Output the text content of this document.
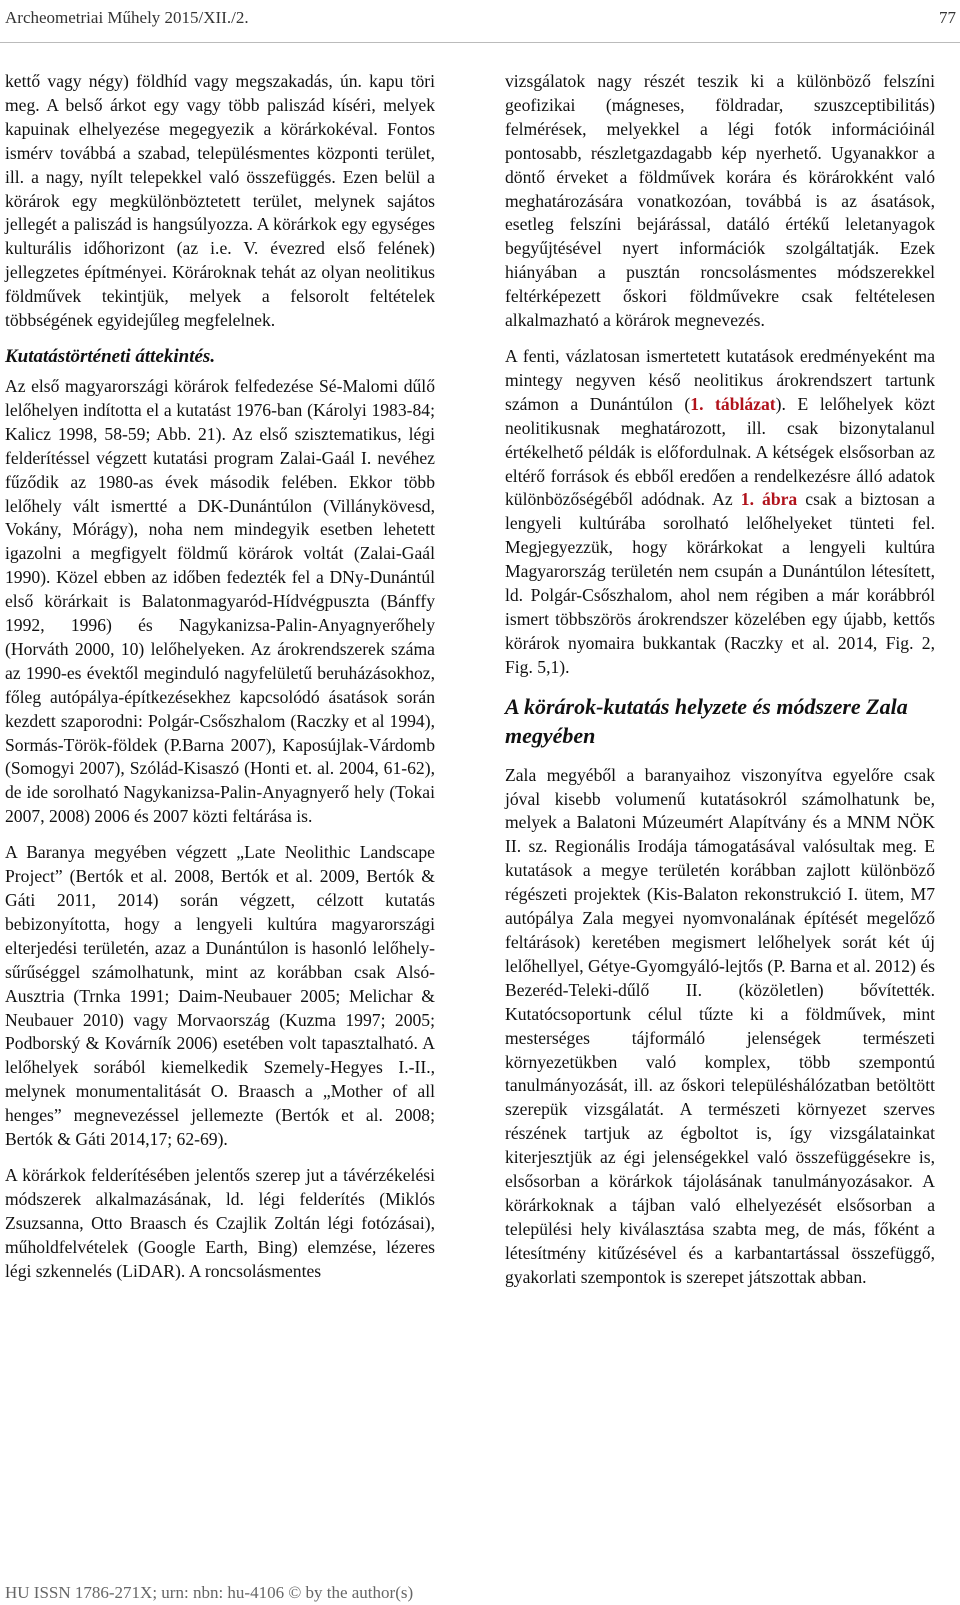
Archeometriai Műhely 2015/XII./2.	77

kettő vagy négy) földhíd vagy megszakadás, ún. kapu töri meg. A belső árkot egy vagy több paliszád kíséri, melyek kapuinak elhelyezése megegyezik a körárkokéval. Fontos ismérv továbbá a szabad, településmentes központi terület, ill. a nagy, nyílt telepekkel való összefüggés. Ezen belül a körárok egy megkülönböztetett terület, melynek sajátos jellegét a paliszád is hangsúlyozza. A körárkok egy egységes kulturális időhorizont (az i.e. V. évezred első felének) jellegzetes építményei. Körároknak tehát az olyan neolitikus földművek tekintjük, melyek a felsorolt feltételek többségének egyidejűleg megfelelnek.

Kutatástörténeti áttekintés.

Az első magyarországi körárok felfedezése Sé-Malomi dűlő lelőhelyen indította el a kutatást 1976-ban (Károlyi 1983-84; Kalicz 1998, 58-59; Abb. 21). Az első szisztematikus, légi felderítéssel végzett kutatási program Zalai-Gaál I. nevéhez fűződik az 1980-as évek második felében. Ekkor több lelőhely vált ismertté a DK-Dunántúlon (Villánykövesd, Vokány, Mórágy), noha nem mindegyik esetben lehetett igazolni a megfigyelt földmű körárok voltát (Zalai-Gaál 1990). Közel ebben az időben fedezték fel a DNy-Dunántúl első körárkait is Balatonmagyaród-Hídvégpuszta (Bánffy 1992, 1996) és Nagykanizsa-Palin-Anyagnyerőhely (Horváth 2000, 10) lelőhelyeken. Az árokrendszerek száma az 1990-es évektől meginduló nagyfelületű beruházásokhoz, főleg autópálya-építkezésekhez kapcsolódó ásatások során kezdett szaporodni: Polgár-Csőszhalom (Raczky et al 1994), Sormás-Török-földek (P.Barna 2007), Kaposújlak-Várdomb (Somogyi 2007), Szólád-Kisaszó (Honti et. al. 2004, 61-62), de ide sorolható Nagykanizsa-Palin-Anyagnyerő hely (Tokai 2007, 2008) 2006 és 2007 közti feltárása is.

A Baranya megyében végzett „Late Neolithic Landscape Project” (Bertók et al. 2008, Bertók et al. 2009, Bertók & Gáti 2011, 2014) során végzett, célzott kutatás bebizonyította, hogy a lengyeli kultúra magyarországi elterjedési területén, azaz a Dunántúlon is hasonló lelőhely-sűrűséggel számolhatunk, mint az korábban csak Alsó-Ausztria (Trnka 1991; Daim-Neubauer 2005; Melichar & Neubauer 2010) vagy Morvaország (Kuzma 1997; 2005; Podborský & Kovárník 2006) esetében volt tapasztalható. A lelőhelyek sorából kiemelkedik Szemely-Hegyes I.-II., melynek monumentalitását O. Braasch a „Mother of all henges” megnevezéssel jellemezte (Bertók et al. 2008; Bertók & Gáti 2014,17; 62-69).

A körárkok felderítésében jelentős szerep jut a távérzékelési módszerek alkalmazásának, ld. légi felderítés (Miklós Zsuzsanna, Otto Braasch és Czajlik Zoltán légi fotózásai), műholdfelvételek (Google Earth, Bing) elemzése, lézeres légi szkennelés (LiDAR). A roncsolásmentes

vizsgálatok nagy részét teszik ki a különböző felszíni geofizikai (mágneses, földradar, szuszceptibilitás) felmérések, melyekkel a légi fotók információinál pontosabb, részletgazdagabb kép nyerhető. Ugyanakkor a döntő érveket a földművek korára és körárokként való meghatározására vonatkozóan, továbbá is az ásatások, esetleg felszíni bejárással, datáló értékű leletanyagok begyűjtésével nyert információk szolgáltatják. Ezek hiányában a pusztán roncsolásmentes módszerekkel feltérképezett őskori földművekre csak feltételesen alkalmazható a körárok megnevezés.

A fenti, vázlatosan ismertetett kutatások eredményeként ma mintegy negyven késő neolitikus árokrendszert tartunk számon a Dunántúlon (1. táblázat). E lelőhelyek közt neolitikusnak meghatározott, ill. csak bizonytalanul értékelhető példák is előfordulnak. A kétségek elsősorban az eltérő források és ebből eredően a rendelkezésre álló adatok különbözőségéből adódnak. Az 1. ábra csak a biztosan a lengyeli kultúrába sorolható lelőhelyeket tünteti fel. Megjegyezzük, hogy körárkokat a lengyeli kultúra Magyarország területén nem csupán a Dunántúlon létesített, ld. Polgár-Csőszhalom, ahol nem régiben a már korábbról ismert többszörös árokrendszer közelében egy újabb, kettős körárok nyomaira bukkantak (Raczky et al. 2014, Fig. 2, Fig. 5,1).

A körárok-kutatás helyzete és módszere Zala megyében

Zala megyéből a baranyaihoz viszonyítva egyelőre csak jóval kisebb volumenű kutatásokról számolhatunk be, melyek a Balatoni Múzeumért Alapítvány és a MNM NÖK II. sz. Regionális Irodája támogatásával valósultak meg. E kutatások a megye területén korábban zajlott különböző régészeti projektek (Kis-Balaton rekonstrukció I. ütem, M7 autópálya Zala megyei nyomvonalának építését megelőző feltárások) keretében megismert lelőhelyek sorát két új lelőhellyel, Gétye-Gyomgyáló-lejtős (P. Barna et al. 2012) és Bezeréd-Teleki-dűlő II. (közöletlen) bővítették. Kutatócsoportunk célul tűzte ki a földművek, mint mesterséges tájformáló jelenségek természeti környezetükben való komplex, több szempontú tanulmányozását, ill. az őskori településhálózatban betöltött szerepük vizsgálatát. A természeti környezet szerves részének tartjuk az égboltot is, így vizsgálatainkat kiterjesztjük az égi jelenségekkel való összefüggésekre is, elsősorban a körárkok tájolásának tanulmányozásakor. A körárkoknak a tájban való elhelyezését elsősorban a települési hely kiválasztása szabta meg, de más, főként a létesítmény kitűzésével és a karbantartással összefüggő, gyakorlati szempontok is szerepet játszottak abban.

HU ISSN 1786-271X; urn: nbn: hu-4106 © by the author(s)
